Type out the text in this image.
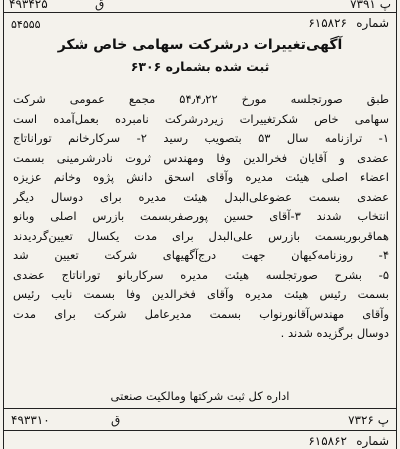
۴۹۳۴۲۵	ق	۷۳۹۱ پ
شماره
۶۱۵۸۲۶
۵۴۵۵۵
آگهی‌تغییرات درشرکت سهامی خاص شکر
ثبت شده بشماره ۶۳۰۶
طبق صورتجلسه مورخ ۵۴٫۴٫۲۲ مجمع عمومی شرکت
سهامی خاص شکرتغییرات زیردرشرکت نامبرده بعمل‌آمده است
۱- ترازنامه سال ۵۳ بتصویب رسید ۲- سرکارخانم توراناتاج
عضدی و آقایان فخرالدین وفا ومهندس ثروت نادرشرمینی بسمت
اعضاء اصلی هیئت مدیره وآقای اسحق دانش پژوه وخانم عزیزه
عضدی بسمت عضوعلی‌البدل هیئت مدیره برای دوسال دیگر
انتخاب شدند ۳-آقای حسین پورصفربسمت بازرس اصلی وبانو
هماقربوربسمت بازرس علی‌البدل برای مدت یکسال تعیین‌گردیدند
۴- روزنامه‌کیهان جهت درج‌آگهیهای شرکت تعیین شد
۵- بشرح صورتجلسه هیئت مدیره سرکاربانو توراناتاج عضدی
بسمت رئیس هیئت مدیره وآقای فخرالدین وفا بسمت نایب رئیس
وآقای مهندس‌آقانورنواب بسمت مدیرعامل شرکت برای مدت
دوسال برگزیده شدند .
اداره کل ثبت شرکتها ومالکیت صنعتی
۴۹۳۳۱۰	ق	۷۳۲۶ پ
شماره
۶۱۵۸۶۲
